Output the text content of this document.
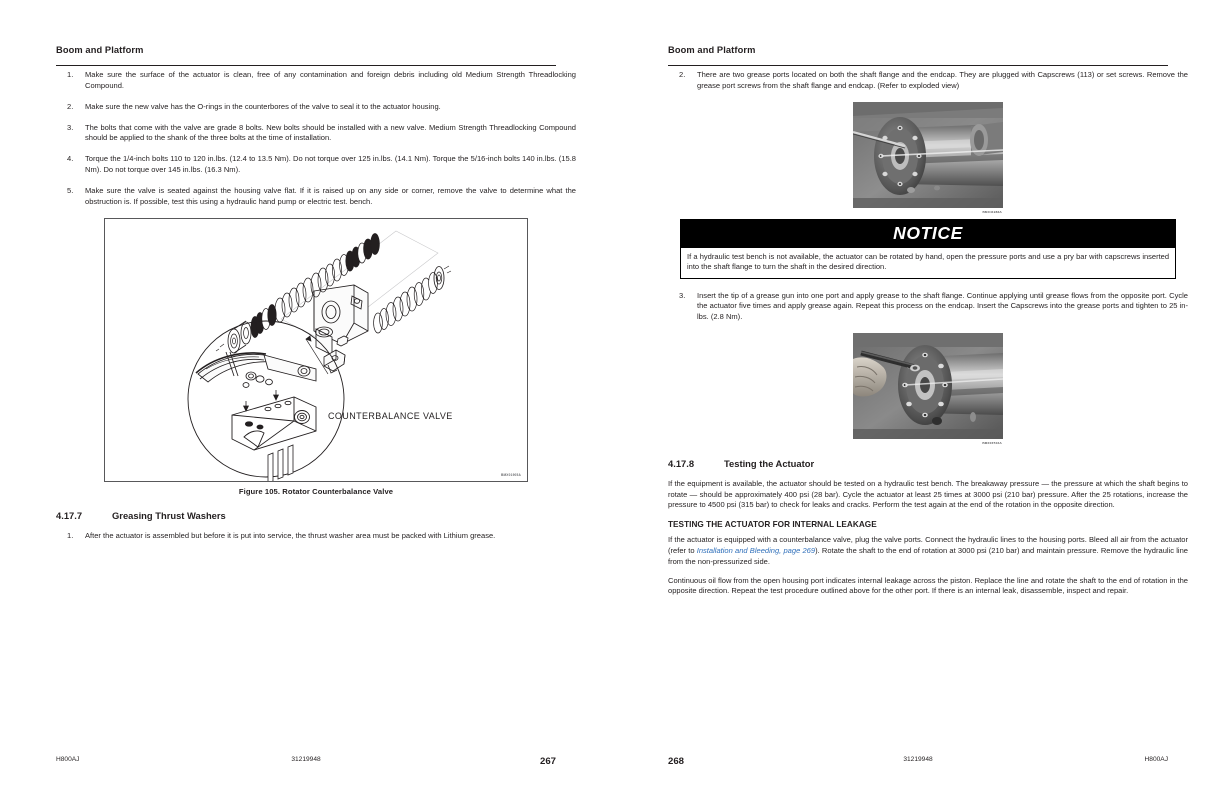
Boom and Platform
1.	Make sure the surface of the actuator is clean, free of any contamination and foreign debris including old Medium Strength Threadlocking Compound.
2.	Make sure the new valve has the O-rings in the counterbores of the valve to seal it to the actuator housing.
3.	The bolts that come with the valve are grade 8 bolts. New bolts should be installed with a new valve. Medium Strength Threadlocking Compound should be applied to the shank of the three bolts at the time of installation.
4.	Torque the 1/4-inch bolts 110 to 120 in.lbs. (12.4 to 13.5 Nm). Do not torque over 125 in.lbs. (14.1 Nm). Torque the 5/16-inch bolts 140 in.lbs. (15.8 Nm). Do not torque over 145 in.lbs. (16.3 Nm).
5.	Make sure the valve is seated against the housing valve flat. If it is raised up on any side or corner, remove the valve to determine what the obstruction is. If possible, test this using a hydraulic hand pump or electric test. bench.
COUNTERBALANCE VALVE
BMX01905A
Figure 105. Rotator Counterbalance Valve
4.17.7	Greasing Thrust Washers
1.	After the actuator is assembled but before it is put into service, the thrust washer area must be packed with Lithium grease.
H800AJ	31219948	267
Boom and Platform
2.	There are two grease ports located on both the shaft flange and the endcap. They are plugged with Capscrews (113) or set screws. Remove the grease port screws from the shaft flange and endcap. (Refer to exploded view)
BMX41983A
NOTICE
If a hydraulic test bench is not available, the actuator can be rotated by hand, open the pressure ports and use a pry bar with capscrews inserted into the shaft flange to turn the shaft in the desired direction.
3.	Insert the tip of a grease gun into one port and apply grease to the shaft flange. Continue applying until grease flows from the opposite port. Cycle the actuator five times and apply grease again. Repeat this process on the endcap. Insert the Capscrews into the grease ports and tighten to 25 in-lbs. (2.8 Nm).
BMX0F504A
4.17.8	Testing the Actuator

If the equipment is available, the actuator should be tested on a hydraulic test bench. The breakaway pressure — the pressure at which the shaft begins to rotate — should be approximately 400 psi (28 bar). Cycle the actuator at least 25 times at 3000 psi (210 bar) pressure. After the 25 rotations, increase the pressure to 4500 psi (315 bar) to check for leaks and cracks. Perform the test again at the end of the rotation in the opposite direction.

TESTING THE ACTUATOR FOR INTERNAL LEAKAGE

If the actuator is equipped with a counterbalance valve, plug the valve ports. Connect the hydraulic lines to the housing ports. Bleed all air from the actuator (refer to Installation and Bleeding, page 269). Rotate the shaft to the end of rotation at 3000 psi (210 bar) and maintain pressure. Remove the hydraulic line from the non-pressurized side.

Continuous oil flow from the open housing port indicates internal leakage across the piston. Replace the line and rotate the shaft to the end of rotation in the opposite direction. Repeat the test procedure outlined above for the other port. If there is an internal leak, disassemble, inspect and repair.

268	31219948	H800AJ
